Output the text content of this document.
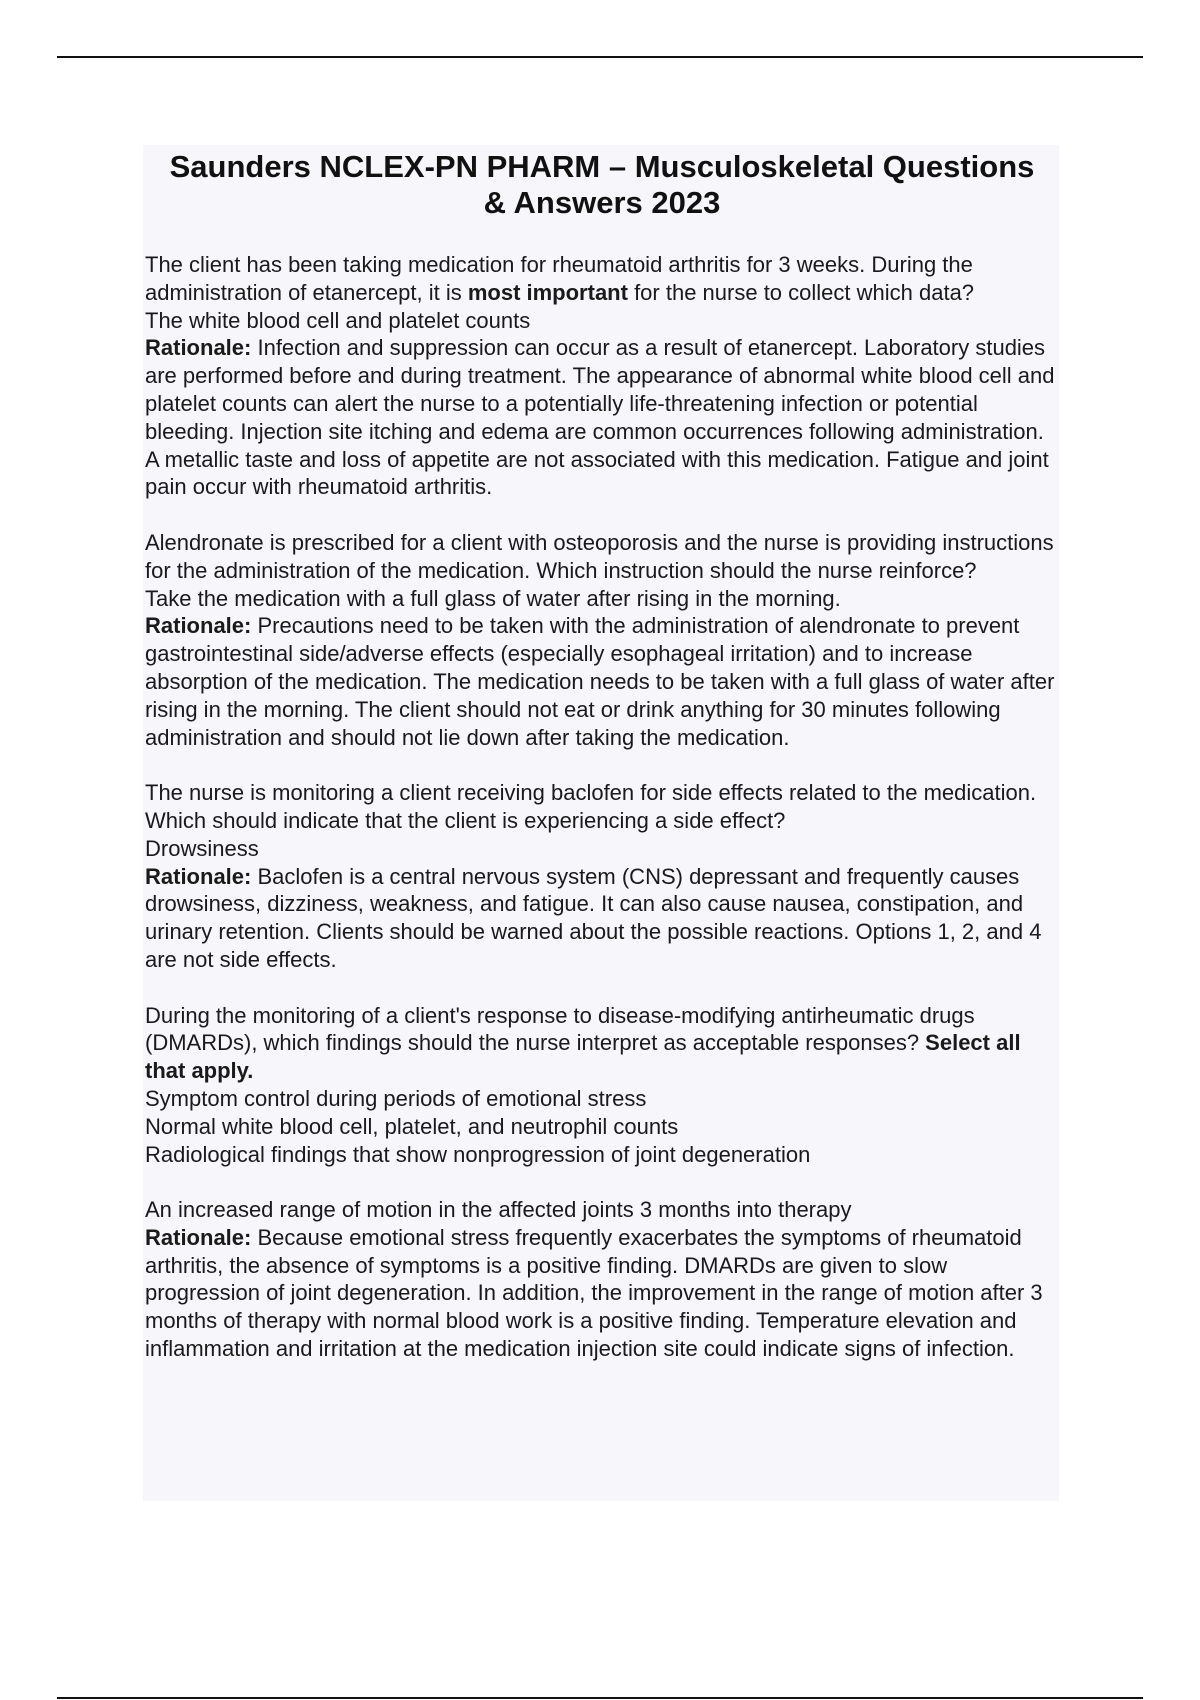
Saunders NCLEX-PN PHARM – Musculoskeletal Questions
& Answers 2023
The client has been taking medication for rheumatoid arthritis for 3 weeks. During the administration of etanercept, it is most important for the nurse to collect which data?
The white blood cell and platelet counts
Rationale: Infection and suppression can occur as a result of etanercept. Laboratory studies are performed before and during treatment. The appearance of abnormal white blood cell and platelet counts can alert the nurse to a potentially life-threatening infection or potential bleeding. Injection site itching and edema are common occurrences following administration. A metallic taste and loss of appetite are not associated with this medication. Fatigue and joint pain occur with rheumatoid arthritis.
Alendronate is prescribed for a client with osteoporosis and the nurse is providing instructions for the administration of the medication. Which instruction should the nurse reinforce?
Take the medication with a full glass of water after rising in the morning.
Rationale: Precautions need to be taken with the administration of alendronate to prevent gastrointestinal side/adverse effects (especially esophageal irritation) and to increase absorption of the medication. The medication needs to be taken with a full glass of water after rising in the morning. The client should not eat or drink anything for 30 minutes following administration and should not lie down after taking the medication.
The nurse is monitoring a client receiving baclofen for side effects related to the medication. Which should indicate that the client is experiencing a side effect?
Drowsiness
Rationale: Baclofen is a central nervous system (CNS) depressant and frequently causes drowsiness, dizziness, weakness, and fatigue. It can also cause nausea, constipation, and urinary retention. Clients should be warned about the possible reactions. Options 1, 2, and 4 are not side effects.
During the monitoring of a client's response to disease-modifying antirheumatic drugs (DMARDs), which findings should the nurse interpret as acceptable responses? Select all that apply.
Symptom control during periods of emotional stress
Normal white blood cell, platelet, and neutrophil counts
Radiological findings that show nonprogression of joint degeneration
An increased range of motion in the affected joints 3 months into therapy
Rationale: Because emotional stress frequently exacerbates the symptoms of rheumatoid arthritis, the absence of symptoms is a positive finding. DMARDs are given to slow progression of joint degeneration. In addition, the improvement in the range of motion after 3 months of therapy with normal blood work is a positive finding. Temperature elevation and inflammation and irritation at the medication injection site could indicate signs of infection.
